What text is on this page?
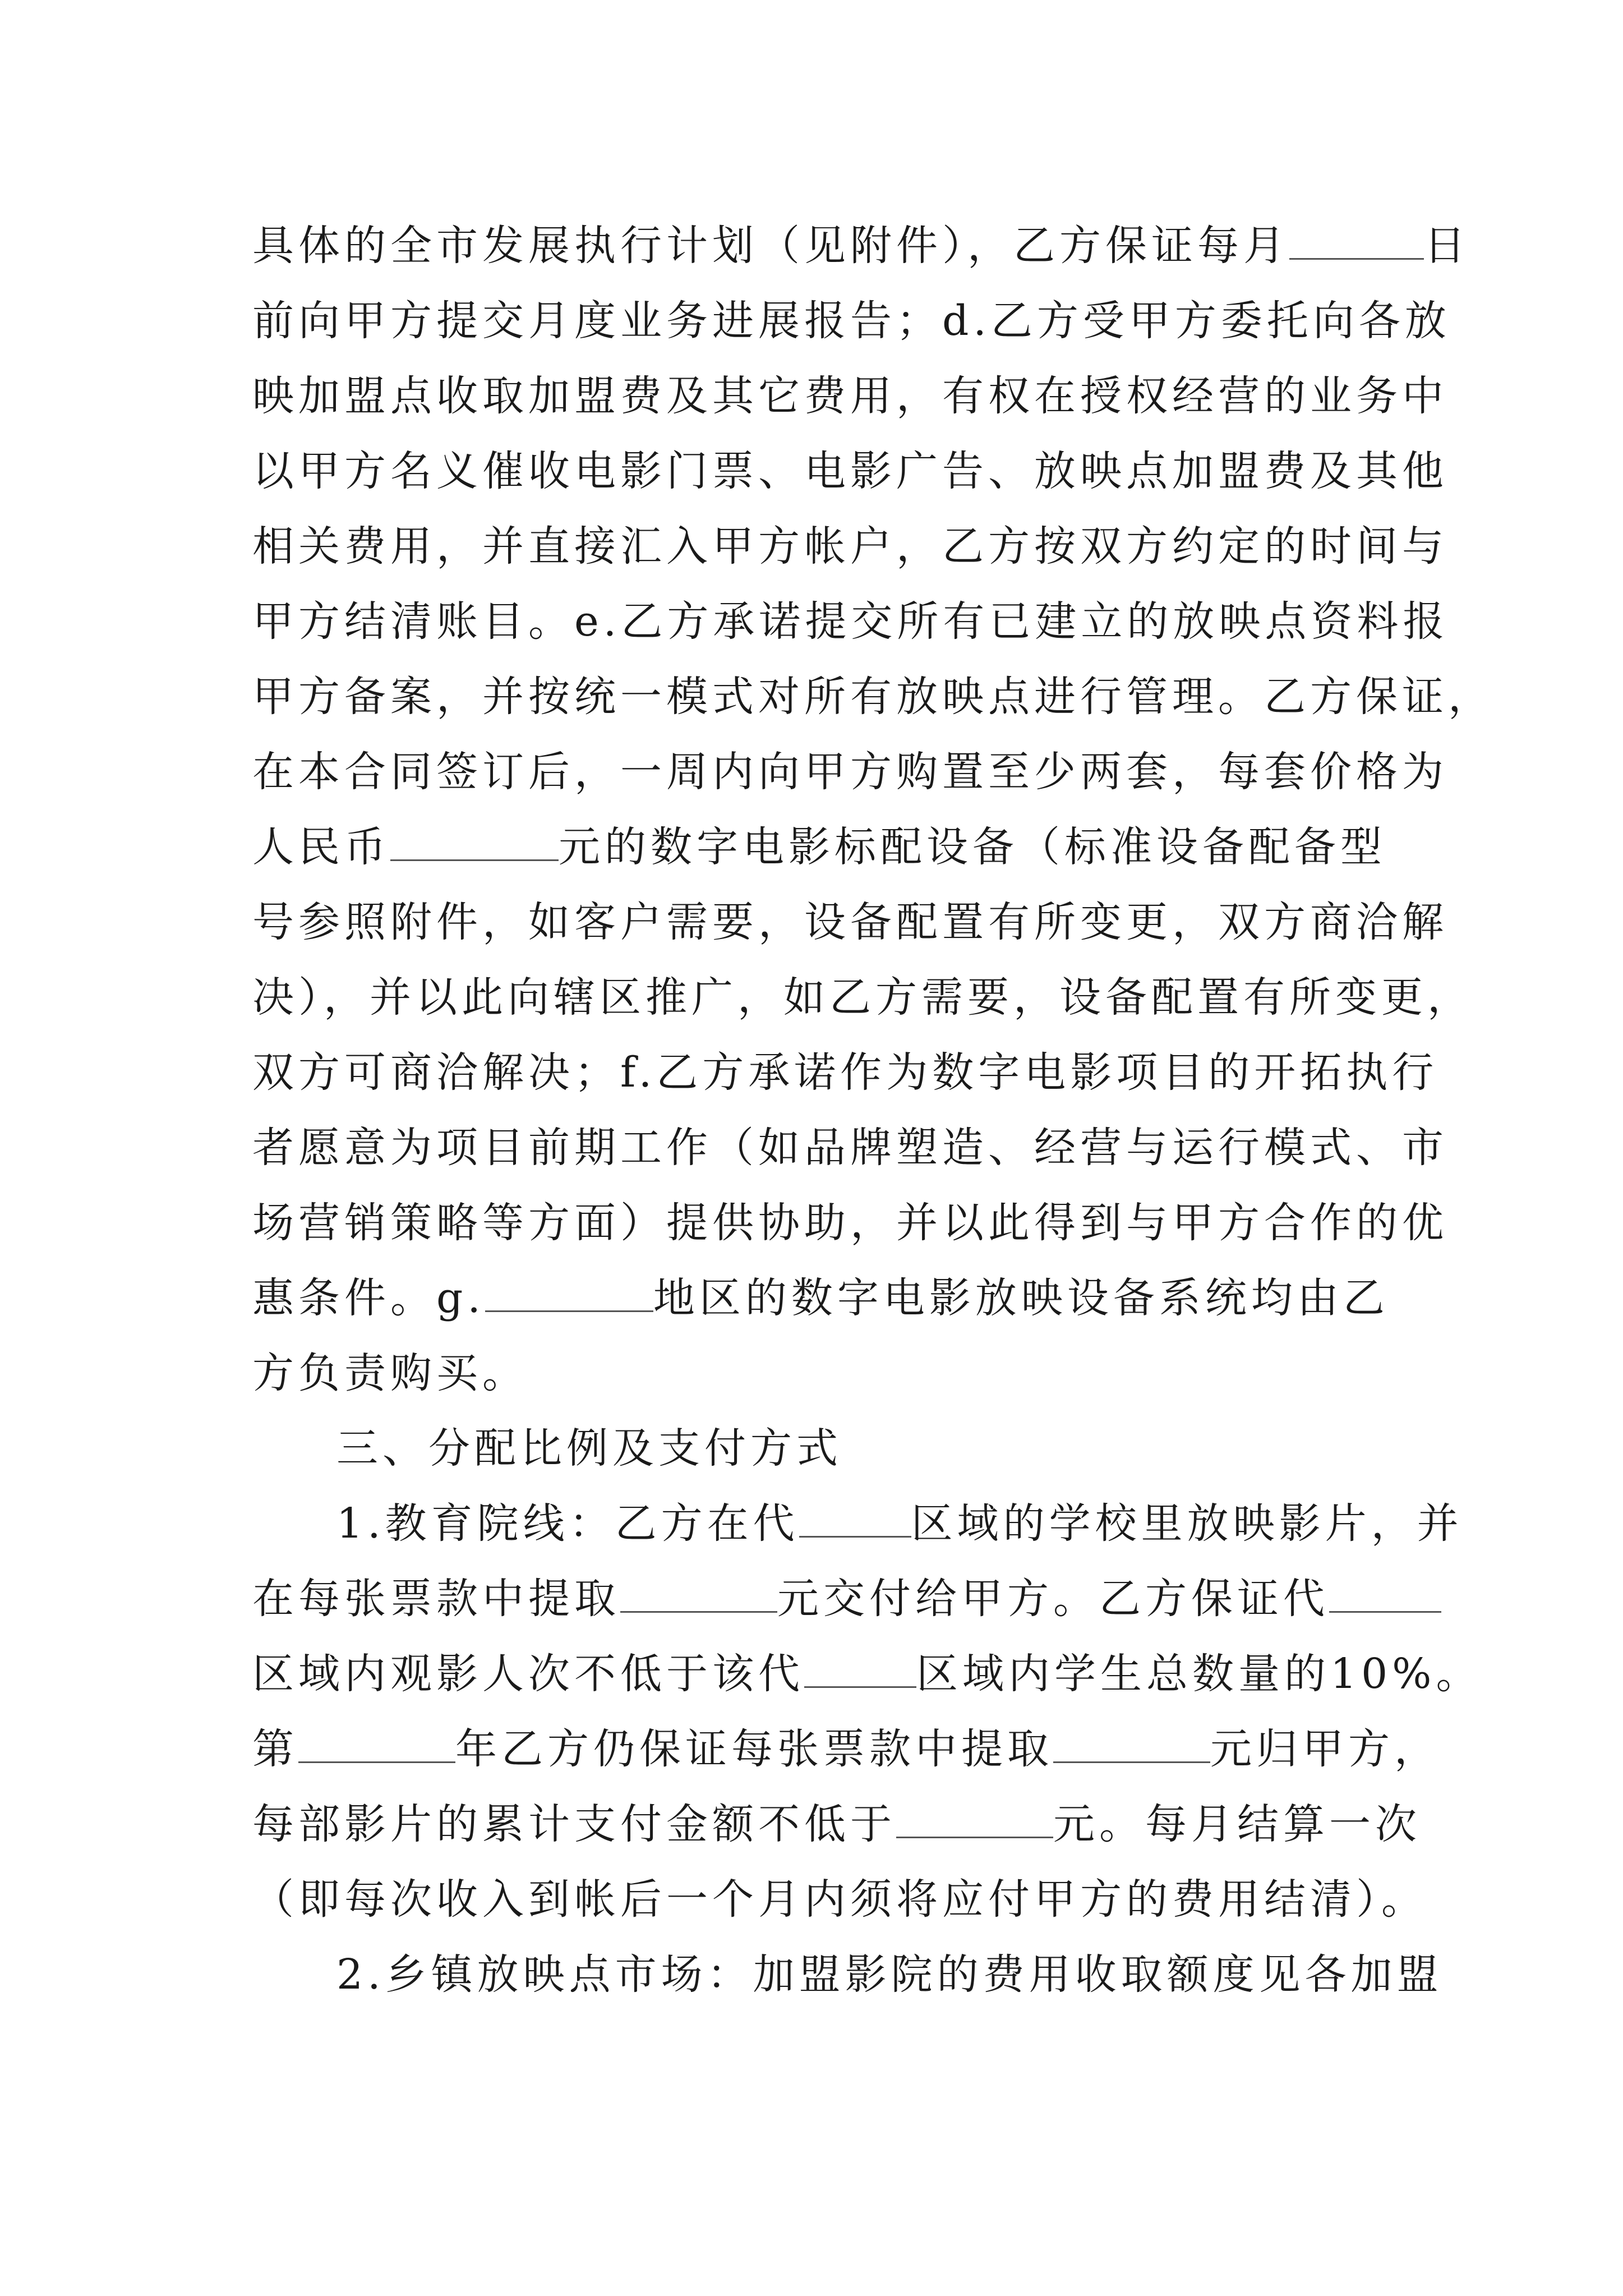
具体的全市发展执行计划（见附件），乙方保证每月	日
前向甲方提交月度业务进展报告；d.乙方受甲方委托向各放
映加盟点收取加盟费及其它费用，有权在授权经营的业务中
以甲方名义催收电影门票、电影广告、放映点加盟费及其他
相关费用，并直接汇入甲方帐户，乙方按双方约定的时间与
甲方结清账目。e.乙方承诺提交所有已建立的放映点资料报
甲方备案，并按统一模式对所有放映点进行管理。乙方保证，
在本合同签订后，一周内向甲方购置至少两套，每套价格为
人民币	元的数字电影标配设备（标准设备配备型
号参照附件，如客户需要，设备配置有所变更，双方商洽解
决），并以此向辖区推广，如乙方需要，设备配置有所变更，
双方可商洽解决；f.乙方承诺作为数字电影项目的开拓执行
者愿意为项目前期工作（如品牌塑造、经营与运行模式、市
场营销策略等方面）提供协助，并以此得到与甲方合作的优
惠条件。g.	地区的数字电影放映设备系统均由乙
方负责购买。
三、分配比例及支付方式
1.教育院线：乙方在代	区域的学校里放映影片，并
在每张票款中提取	元交付给甲方。乙方保证代
区域内观影人次不低于该代	区域内学生总数量的10%。
第	年乙方仍保证每张票款中提取	元归甲方，
每部影片的累计支付金额不低于	元。每月结算一次
（即每次收入到帐后一个月内须将应付甲方的费用结清）。
2.乡镇放映点市场：加盟影院的费用收取额度见各加盟
